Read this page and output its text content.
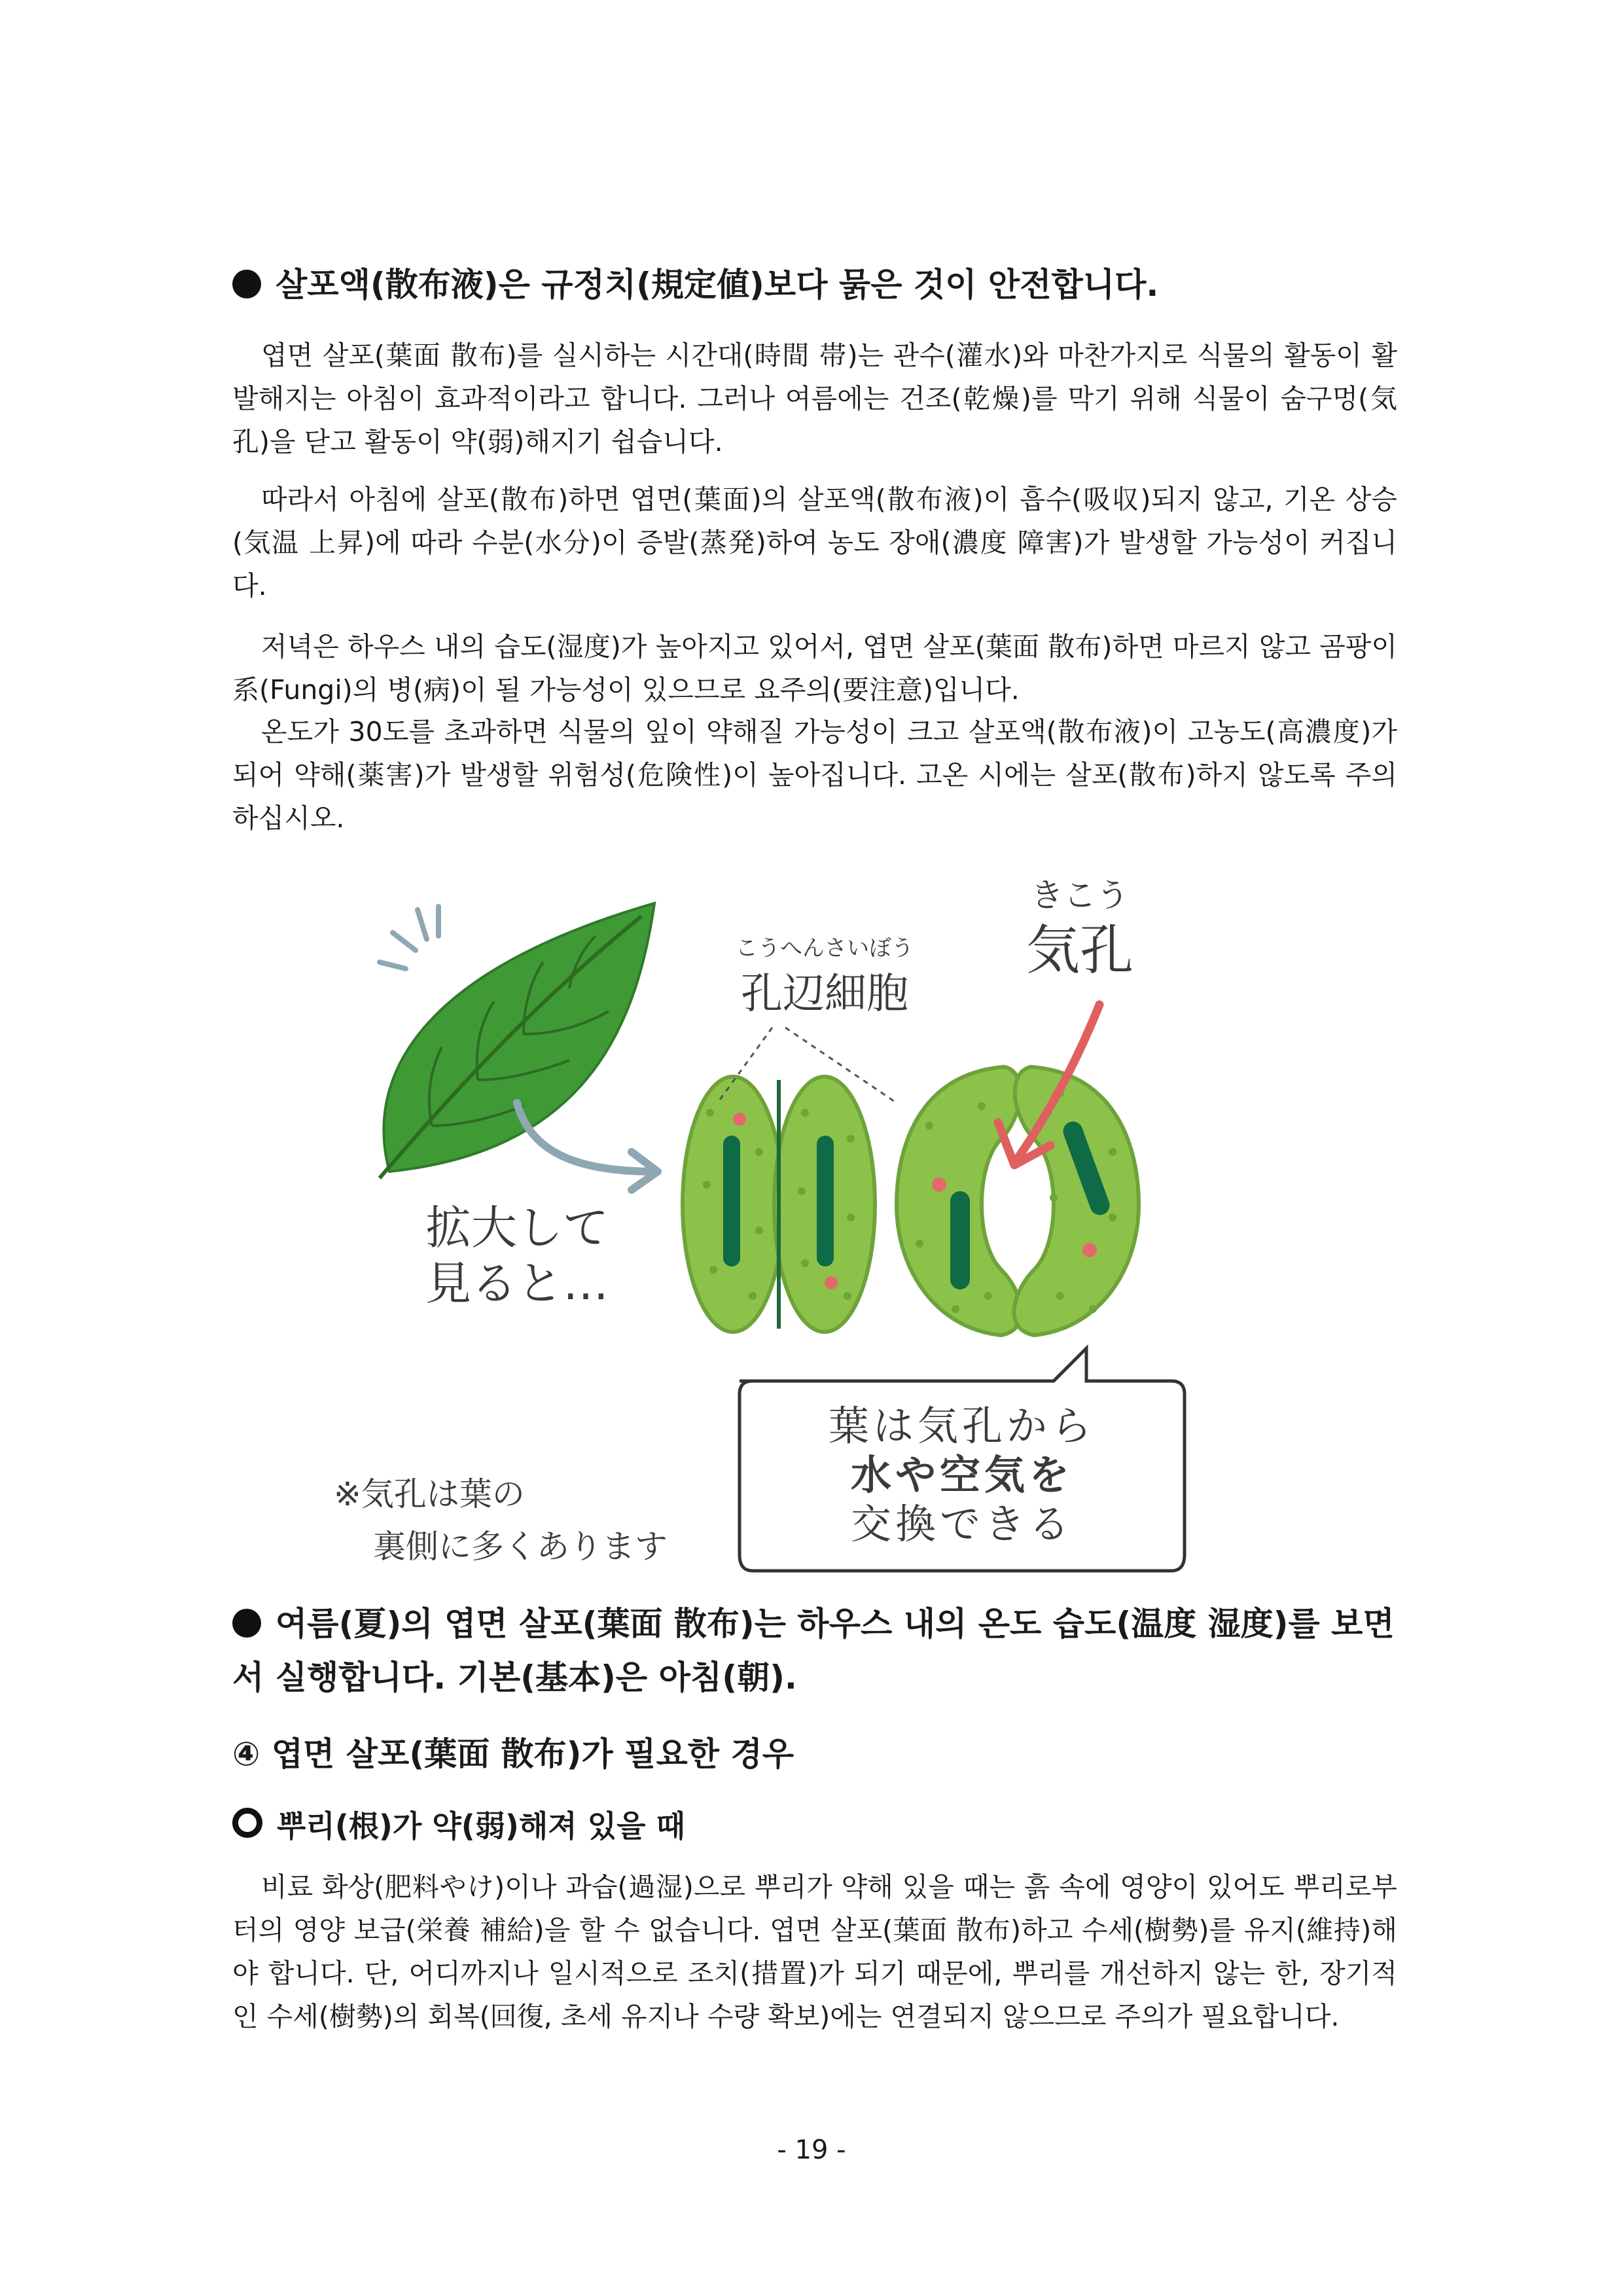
살포액(散布液)은 규정치(規定値)보다 묽은 것이 안전합니다.

엽면 살포(葉面 散布)를 실시하는 시간대(時間 帯)는 관수(灌水)와 마찬가지로 식물의 활동이 활발해지는 아침이 효과적이라고 합니다. 그러나 여름에는 건조(乾燥)를 막기 위해 식물이 숨구멍(気孔)을 닫고 활동이 약(弱)해지기 쉽습니다.

따라서 아침에 살포(散布)하면 엽면(葉面)의 살포액(散布液)이 흡수(吸収)되지 않고, 기온 상승(気温 上昇)에 따라 수분(水分)이 증발(蒸発)하여 농도 장애(濃度 障害)가 발생할 가능성이 커집니다.

저녁은 하우스 내의 습도(湿度)가 높아지고 있어서, 엽면 살포(葉面 散布)하면 마르지 않고 곰팡이 系(Fungi)의 병(病)이 될 가능성이 있으므로 요주의(要注意)입니다.

온도가 30도를 초과하면 식물의 잎이 약해질 가능성이 크고 살포액(散布液)이 고농도(高濃度)가 되어 약해(薬害)가 발생할 위험성(危険性)이 높아집니다. 고온 시에는 살포(散布)하지 않도록 주의하십시오.

拡大して
見ると…
こうへんさいぼう
孔辺細胞
きこう
気孔
葉は気孔から
水や空気を
交換できる
※気孔は葉の
裏側に多くあります
여름(夏)의 엽면 살포(葉面 散布)는 하우스 내의 온도 습도(温度 湿度)를 보면서 실행합니다. 기본(基本)은 아침(朝).
④ 엽면 살포(葉面 散布)가 필요한 경우
뿌리(根)가 약(弱)해져 있을 때

비료 화상(肥料やけ)이나 과습(過湿)으로 뿌리가 약해 있을 때는 흙 속에 영양이 있어도 뿌리로부터의 영양 보급(栄養 補給)을 할 수 없습니다. 엽면 살포(葉面 散布)하고 수세(樹勢)를 유지(維持)해야 합니다. 단, 어디까지나 일시적으로 조치(措置)가 되기 때문에, 뿌리를 개선하지 않는 한, 장기적인 수세(樹勢)의 회복(回復, 초세 유지나 수량 확보)에는 연결되지 않으므로 주의가 필요합니다.

- 19 -
